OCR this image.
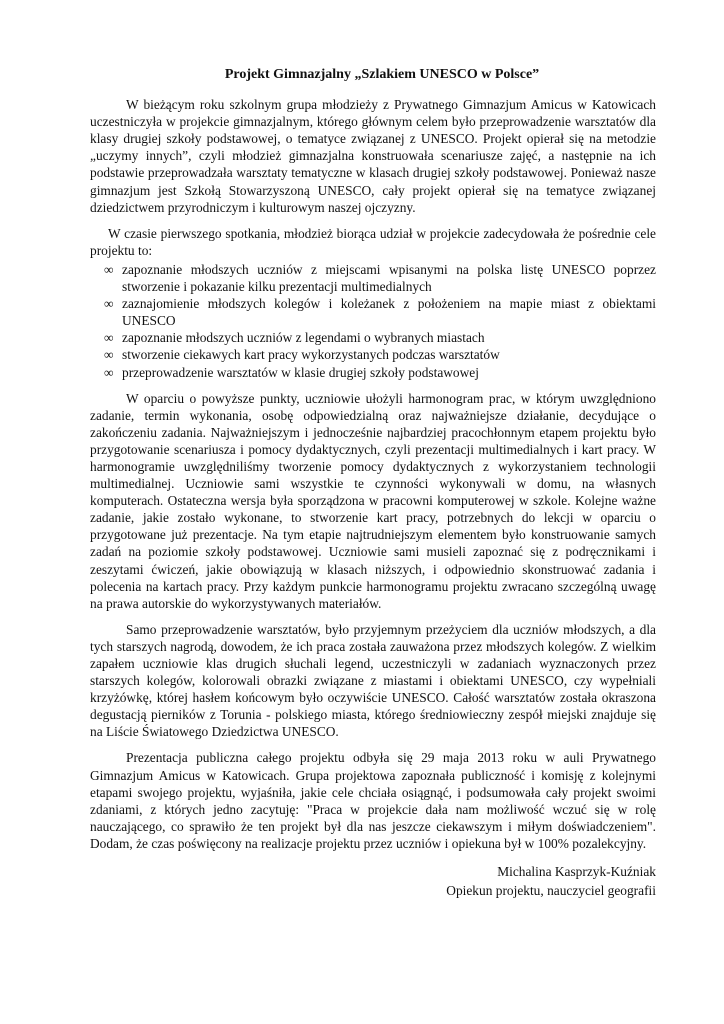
Projekt Gimnazjalny „Szlakiem UNESCO w Polsce”

W bieżącym roku szkolnym grupa młodzieży z Prywatnego Gimnazjum Amicus w Katowicach uczestniczyła w projekcie gimnazjalnym, którego głównym celem było przeprowadzenie warsztatów dla klasy drugiej szkoły podstawowej, o tematyce związanej z UNESCO. Projekt opierał się na metodzie „uczymy innych”, czyli młodzież gimnazjalna konstruowała scenariusze zajęć, a następnie na ich podstawie przeprowadzała warsztaty tematyczne w klasach drugiej szkoły podstawowej. Ponieważ nasze gimnazjum jest Szkołą Stowarzyszoną UNESCO, cały projekt opierał się na tematyce związanej dziedzictwem przyrodniczym i kulturowym naszej ojczyzny.

W czasie pierwszego spotkania, młodzież biorąca udział w projekcie zadecydowała że pośrednie cele projektu to:

∞ zapoznanie młodszych uczniów z miejscami wpisanymi na polska listę UNESCO poprzez stworzenie i pokazanie kilku prezentacji multimedialnych
∞ zaznajomienie młodszych kolegów i koleżanek z położeniem na mapie miast z obiektami UNESCO
∞ zapoznanie młodszych uczniów z legendami o wybranych miastach
∞ stworzenie ciekawych kart pracy wykorzystanych podczas warsztatów
∞ przeprowadzenie warsztatów w klasie drugiej szkoły podstawowej

W oparciu o powyższe punkty, uczniowie ułożyli harmonogram prac, w którym uwzględniono zadanie, termin wykonania, osobę odpowiedzialną oraz najważniejsze działanie, decydujące o zakończeniu zadania. Najważniejszym i jednocześnie najbardziej pracochłonnym etapem projektu było przygotowanie scenariusza i pomocy dydaktycznych, czyli prezentacji multimedialnych i kart pracy. W harmonogramie uwzględniliśmy tworzenie pomocy dydaktycznych z wykorzystaniem technologii multimedialnej. Uczniowie sami wszystkie te czynności wykonywali w domu, na własnych komputerach. Ostateczna wersja była sporządzona w pracowni komputerowej w szkole. Kolejne ważne zadanie, jakie zostało wykonane, to stworzenie kart pracy, potrzebnych do lekcji w oparciu o przygotowane już prezentacje. Na tym etapie najtrudniejszym elementem było konstruowanie samych zadań na poziomie szkoły podstawowej. Uczniowie sami musieli zapoznać się z podręcznikami i zeszytami ćwiczeń, jakie obowiązują w klasach niższych, i odpowiednio skonstruować zadania i polecenia na kartach pracy. Przy każdym punkcie harmonogramu projektu zwracano szczególną uwagę na prawa autorskie do wykorzystywanych materiałów.

Samo przeprowadzenie warsztatów, było przyjemnym przeżyciem dla uczniów młodszych, a dla tych starszych nagrodą, dowodem, że ich praca została zauważona przez młodszych kolegów. Z wielkim zapałem uczniowie klas drugich słuchali legend, uczestniczyli w zadaniach wyznaczonych przez starszych kolegów, kolorowali obrazki związane z miastami i obiektami UNESCO, czy wypełniali krzyżówkę, której hasłem końcowym było oczywiście UNESCO. Całość warsztatów została okraszona degustacją pierników z Torunia - polskiego miasta, którego średniowieczny zespół miejski znajduje się na Liście Światowego Dziedzictwa UNESCO.

Prezentacja publiczna całego projektu odbyła się 29 maja 2013 roku w auli Prywatnego Gimnazjum Amicus w Katowicach. Grupa projektowa zapoznała publiczność i komisję z kolejnymi etapami swojego projektu, wyjaśniła, jakie cele chciała osiągnąć, i podsumowała cały projekt swoimi zdaniami, z których jedno zacytuję: "Praca w projekcie dała nam możliwość wczuć się w rolę nauczającego, co sprawiło że ten projekt był dla nas jeszcze ciekawszym i miłym doświadczeniem". Dodam, że czas poświęcony na realizacje projektu przez uczniów i opiekuna był w 100% pozalekcyjny.

Michalina Kasprzyk-Kuźniak
Opiekun projektu, nauczyciel geografii
